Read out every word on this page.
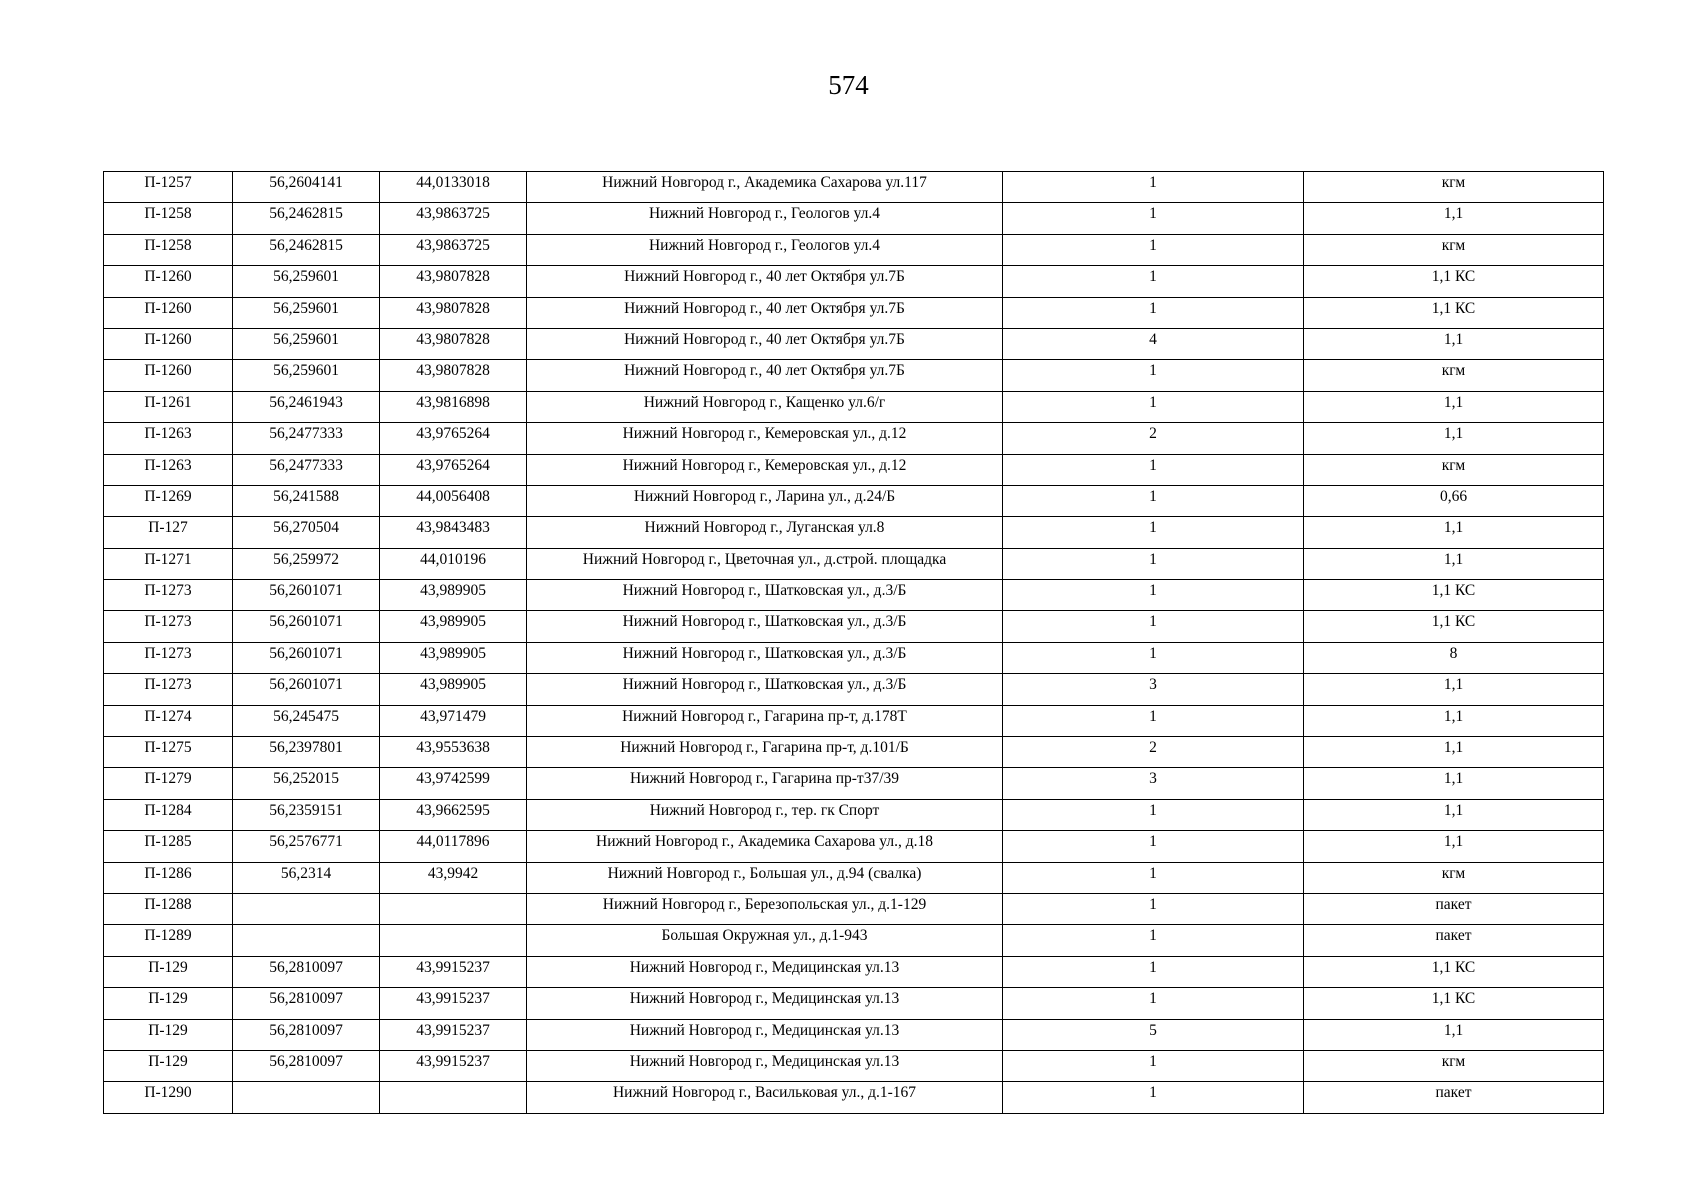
574
П-1257	56,2604141	44,0133018	Нижний Новгород г., Академика Сахарова ул.117	1	кгм

П-1258	56,2462815	43,9863725	Нижний Новгород г., Геологов ул.4	1	1,1

П-1258	56,2462815	43,9863725	Нижний Новгород г., Геологов ул.4	1	кгм

П-1260	56,259601	43,9807828	Нижний Новгород г., 40 лет Октября ул.7Б	1	1,1 КС

П-1260	56,259601	43,9807828	Нижний Новгород г., 40 лет Октября ул.7Б	1	1,1 КС

П-1260	56,259601	43,9807828	Нижний Новгород г., 40 лет Октября ул.7Б	4	1,1

П-1260	56,259601	43,9807828	Нижний Новгород г., 40 лет Октября ул.7Б	1	кгм

П-1261	56,2461943	43,9816898	Нижний Новгород г., Кащенко ул.6/г	1	1,1

П-1263	56,2477333	43,9765264	Нижний Новгород г., Кемеровская ул., д.12	2	1,1

П-1263	56,2477333	43,9765264	Нижний Новгород г., Кемеровская ул., д.12	1	кгм

П-1269	56,241588	44,0056408	Нижний Новгород г., Ларина ул., д.24/Б	1	0,66

П-127	56,270504	43,9843483	Нижний Новгород г., Луганская ул.8	1	1,1

П-1271	56,259972	44,010196	Нижний Новгород г., Цветочная ул., д.строй. площадка	1	1,1

П-1273	56,2601071	43,989905	Нижний Новгород г., Шатковская ул., д.3/Б	1	1,1 КС

П-1273	56,2601071	43,989905	Нижний Новгород г., Шатковская ул., д.3/Б	1	1,1 КС

П-1273	56,2601071	43,989905	Нижний Новгород г., Шатковская ул., д.3/Б	1	8

П-1273	56,2601071	43,989905	Нижний Новгород г., Шатковская ул., д.3/Б	3	1,1

П-1274	56,245475	43,971479	Нижний Новгород г., Гагарина пр-т, д.178Т	1	1,1

П-1275	56,2397801	43,9553638	Нижний Новгород г., Гагарина пр-т, д.101/Б	2	1,1

П-1279	56,252015	43,9742599	Нижний Новгород г., Гагарина пр-т37/39	3	1,1

П-1284	56,2359151	43,9662595	Нижний Новгород г., тер. гк Спорт	1	1,1

П-1285	56,2576771	44,0117896	Нижний Новгород г., Академика Сахарова ул., д.18	1	1,1

П-1286	56,2314	43,9942	Нижний Новгород г., Большая ул., д.94 (свалка)	1	кгм

П-1288			Нижний Новгород г., Березопольская ул., д.1-129	1	пакет

П-1289			Большая Окружная ул., д.1-943	1	пакет

П-129	56,2810097	43,9915237	Нижний Новгород г., Медицинская ул.13	1	1,1 КС

П-129	56,2810097	43,9915237	Нижний Новгород г., Медицинская ул.13	1	1,1 КС

П-129	56,2810097	43,9915237	Нижний Новгород г., Медицинская ул.13	5	1,1

П-129	56,2810097	43,9915237	Нижний Новгород г., Медицинская ул.13	1	кгм

П-1290			Нижний Новгород г., Васильковая ул., д.1-167	1	пакет
